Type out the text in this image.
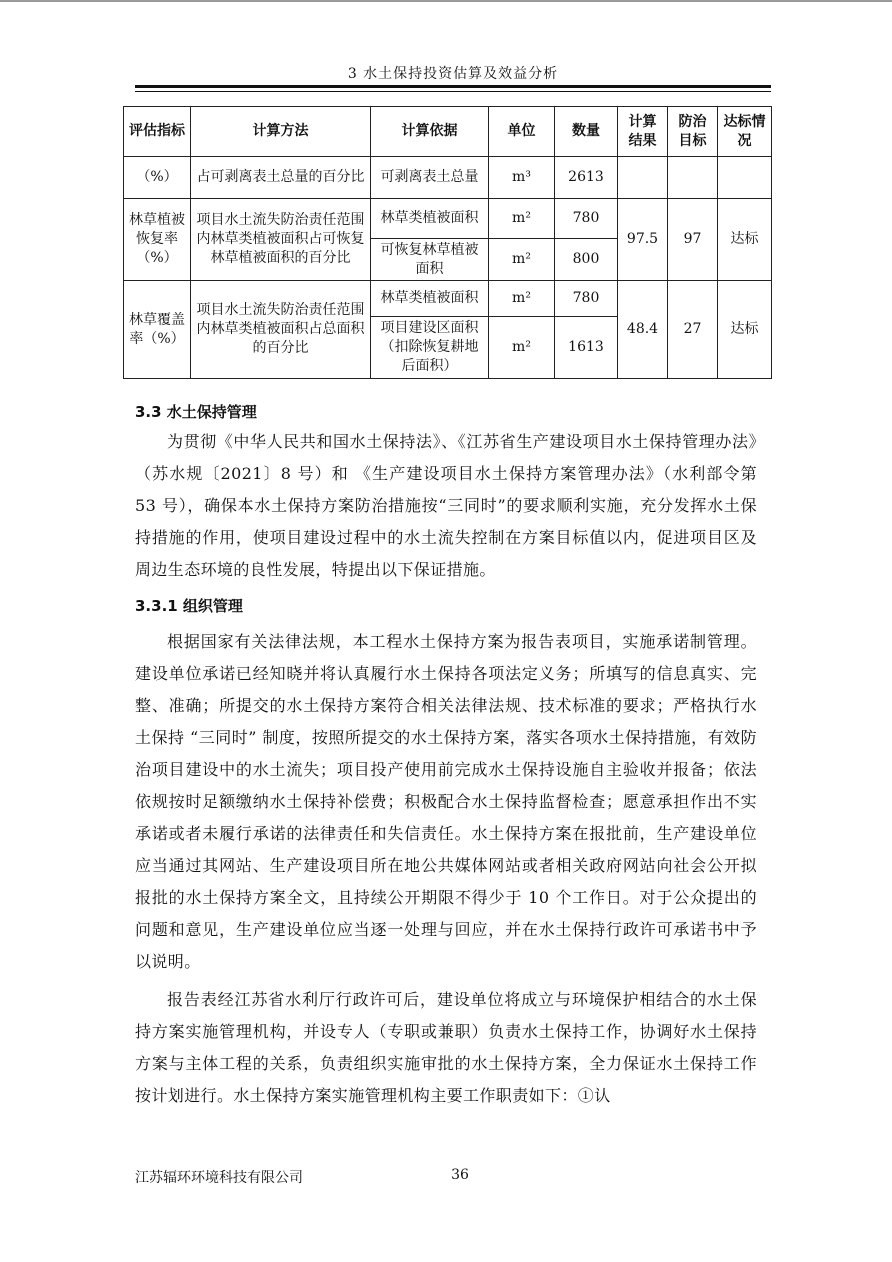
3 水土保持投资估算及效益分析
评估指标	计算方法	计算依据	单位	数量	计算结果	防治目标	达标情况
（%）	占可剥离表土总量的百分比	可剥离表土总量	m³	2613			
林草植被恢复率（%）	项目水土流失防治责任范围内林草类植被面积占可恢复林草植被面积的百分比	林草类植被面积	m²	780	97.5	97	达标
		可恢复林草植被面积	m²	800			
林草覆盖率（%）	项目水土流失防治责任范围内林草类植被面积占总面积的百分比	林草类植被面积	m²	780	48.4	27	达标
		项目建设区面积（扣除恢复耕地后面积）	m²	1613			
3.3 水土保持管理

为贯彻《中华人民共和国水土保持法》、《江苏省生产建设项目水土保持管理办法》（苏水规〔2021〕8 号）和 《生产建设项目水土保持方案管理办法》（水利部令第 53 号），确保本水土保持方案防治措施按“三同时”的要求顺利实施，充分发挥水土保持措施的作用，使项目建设过程中的水土流失控制在方案目标值以内，促进项目区及周边生态环境的良性发展，特提出以下保证措施。

3.3.1 组织管理

根据国家有关法律法规，本工程水土保持方案为报告表项目，实施承诺制管理。建设单位承诺已经知晓并将认真履行水土保持各项法定义务；所填写的信息真实、完整、准确；所提交的水土保持方案符合相关法律法规、技术标准的要求；严格执行水土保持 “三同时” 制度，按照所提交的水土保持方案，落实各项水土保持措施，有效防治项目建设中的水土流失；项目投产使用前完成水土保持设施自主验收并报备；依法依规按时足额缴纳水土保持补偿费；积极配合水土保持监督检查；愿意承担作出不实承诺或者未履行承诺的法律责任和失信责任。水土保持方案在报批前，生产建设单位应当通过其网站、生产建设项目所在地公共媒体网站或者相关政府网站向社会公开拟报批的水土保持方案全文，且持续公开期限不得少于 10 个工作日。对于公众提出的问题和意见，生产建设单位应当逐一处理与回应，并在水土保持行政许可承诺书中予以说明。

报告表经江苏省水利厅行政许可后，建设单位将成立与环境保护相结合的水土保持方案实施管理机构，并设专人（专职或兼职）负责水土保持工作，协调好水土保持方案与主体工程的关系，负责组织实施审批的水土保持方案，全力保证水土保持工作按计划进行。水土保持方案实施管理机构主要工作职责如下：①认

江苏辐环环境科技有限公司	36
